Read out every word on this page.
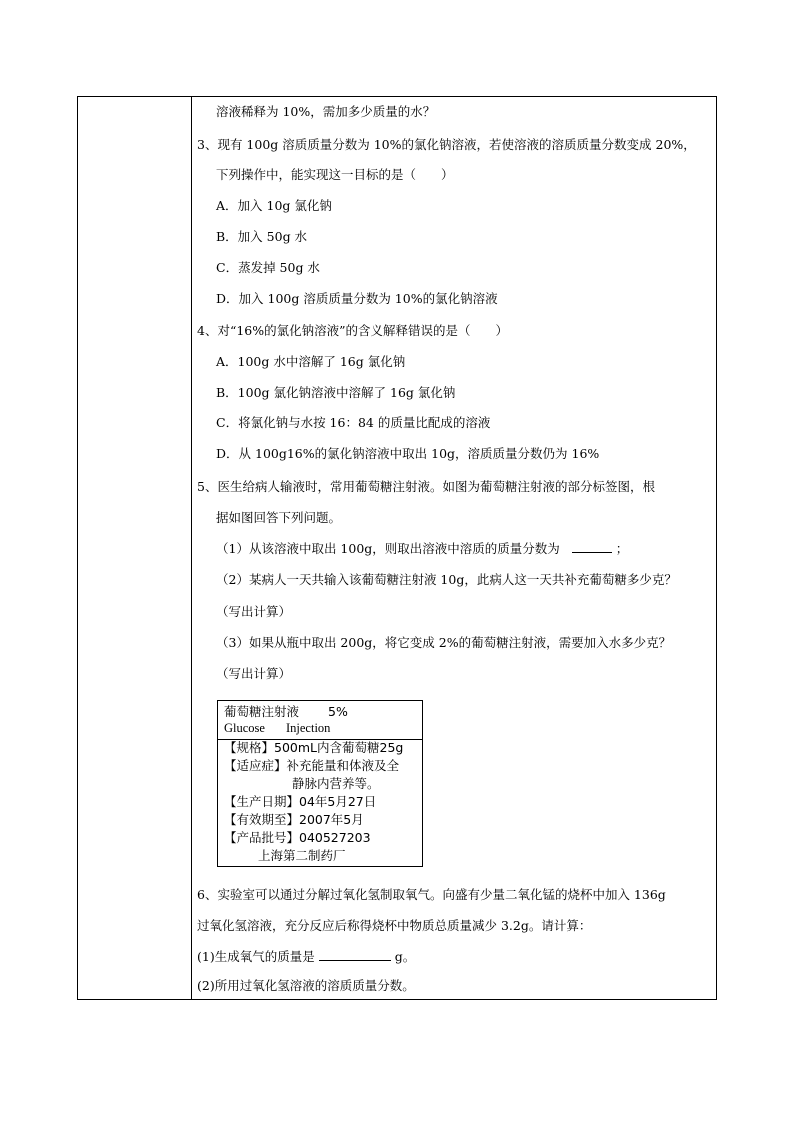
溶液稀释为 10%，需加多少质量的水？
3、现有 100g 溶质质量分数为 10%的氯化钠溶液，若使溶液的溶质质量分数变成 20%，
下列操作中，能实现这一目标的是（　　）
A．加入 10g 氯化钠
B．加入 50g 水
C．蒸发掉 50g 水
D．加入 100g 溶质质量分数为 10%的氯化钠溶液
4、对“16%的氯化钠溶液”的含义解释错误的是（　　）
A．100g 水中溶解了 16g 氯化钠
B．100g 氯化钠溶液中溶解了 16g 氯化钠
C．将氯化钠与水按 16：84 的质量比配成的溶液
D．从 100g16%的氯化钠溶液中取出 10g，溶质质量分数仍为 16%
5、医生给病人输液时，常用葡萄糖注射液。如图为葡萄糖注射液的部分标签图，根
据如图回答下列问题。
（1）从该溶液中取出 100g，则取出溶液中溶质的质量分数为	；
（2）某病人一天共输入该葡萄糖注射液 10g，此病人这一天共补充葡萄糖多少克？
（写出计算）
（3）如果从瓶中取出 200g，将它变成 2%的葡萄糖注射液，需要加入水多少克？
（写出计算）
葡萄糖注射液 5%
Glucose Injection
【规格】500mL内含葡萄糖25g
【适应症】补充能量和体液及全
静脉内营养等。
【生产日期】04年5月27日
【有效期至】2007年5月
【产品批号】040527203
上海第二制药厂
6、实验室可以通过分解过氧化氢制取氧气。向盛有少量二氧化锰的烧杯中加入 136g
过氧化氢溶液，充分反应后称得烧杯中物质总质量减少 3.2g。请计算：
(1)生成氧气的质量是	g。
(2)所用过氧化氢溶液的溶质质量分数。
